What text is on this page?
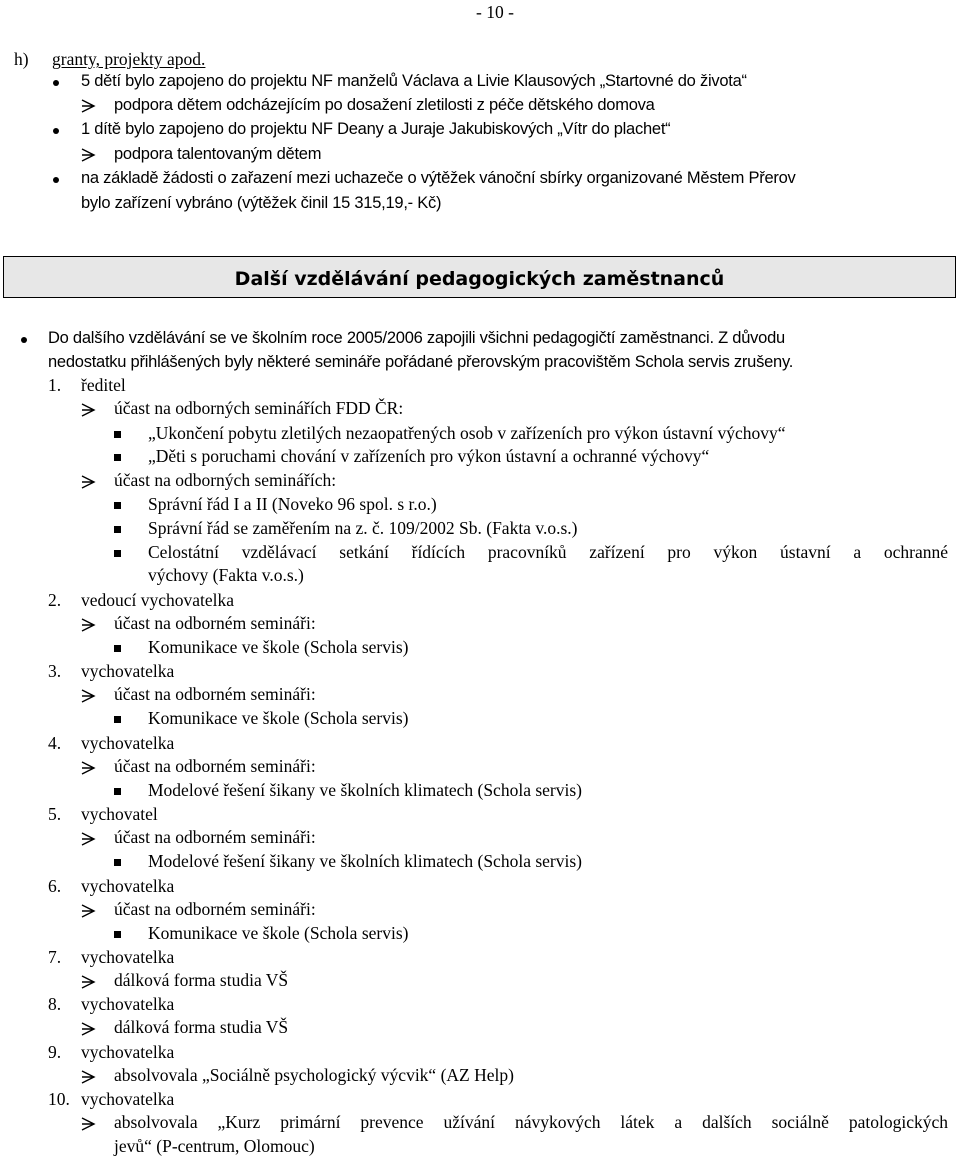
- 10 -
h) granty, projekty apod.
5 dětí bylo zapojeno do projektu NF manželů Václava a Livie Klausových „Startovné do života“
podpora dětem odcházejícím po dosažení zletilosti z péče dětského domova
1 dítě bylo zapojeno do projektu NF Deany a Juraje Jakubiskových „Vítr do plachet“
podpora talentovaným dětem
na základě žádosti o zařazení mezi uchazeče o výtěžek vánoční sbírky organizované Městem Přerov
bylo zařízení vybráno (výtěžek činil 15 315,19,- Kč)
Další vzdělávání pedagogických zaměstnanců
Do dalšího vzdělávání se ve školním roce 2005/2006 zapojili všichni pedagogičtí zaměstnanci. Z důvodu
nedostatku přihlášených byly některé semináře pořádané přerovským pracovištěm Schola servis zrušeny.
1. ředitel
účast na odborných seminářích FDD ČR:
„Ukončení pobytu zletilých nezaopatřených osob v zařízeních pro výkon ústavní výchovy“
„Děti s poruchami chování v zařízeních pro výkon ústavní a ochranné výchovy“
účast na odborných seminářích:
Správní řád I a II (Noveko 96 spol. s r.o.)
Správní řád se zaměřením na z. č. 109/2002 Sb. (Fakta v.o.s.)
Celostátní vzdělávací setkání řídících pracovníků zařízení pro výkon ústavní a ochranné
výchovy (Fakta v.o.s.)
2. vedoucí vychovatelka
účast na odborném semináři:
Komunikace ve škole (Schola servis)
3. vychovatelka
účast na odborném semináři:
Komunikace ve škole (Schola servis)
4. vychovatelka
účast na odborném semináři:
Modelové řešení šikany ve školních klimatech (Schola servis)
5. vychovatel
účast na odborném semináři:
Modelové řešení šikany ve školních klimatech (Schola servis)
6. vychovatelka
účast na odborném semináři:
Komunikace ve škole (Schola servis)
7. vychovatelka
dálková forma studia VŠ
8. vychovatelka
dálková forma studia VŠ
9. vychovatelka
absolvovala „Sociálně psychologický výcvik“ (AZ Help)
10. vychovatelka
absolvovala „Kurz primární prevence užívání návykových látek a dalších sociálně patologických
jevů“ (P-centrum, Olomouc)
